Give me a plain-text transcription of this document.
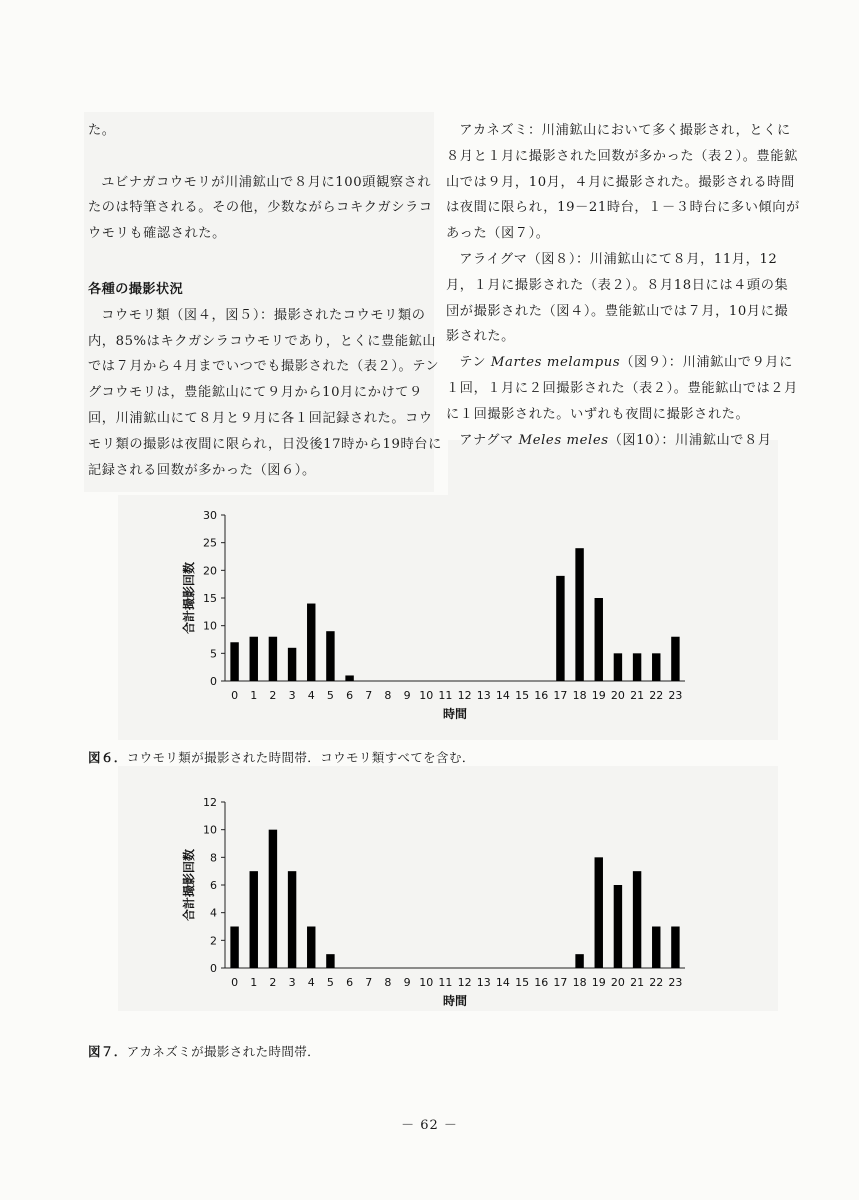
た。

ユビナガコウモリが川浦鉱山で８月に100頭観察されたのは特筆される。その他，少数ながらコキクガシラコウモリも確認された。

各種の撮影状況

コウモリ類（図４，図５）：撮影されたコウモリ類の内，85%はキクガシラコウモリであり，とくに豊能鉱山では７月から４月までいつでも撮影された（表２）。テングコウモリは，豊能鉱山にて９月から10月にかけて９回，川浦鉱山にて８月と９月に各１回記録された。コウモリ類の撮影は夜間に限られ，日没後17時から19時台に記録される回数が多かった（図６）。

アカネズミ：川浦鉱山において多く撮影され，とくに８月と１月に撮影された回数が多かった（表２）。豊能鉱山では９月，10月，４月に撮影された。撮影される時間は夜間に限られ，19－21時台，１－３時台に多い傾向があった（図７）。

アライグマ（図８）：川浦鉱山にて８月，11月，12月，１月に撮影された（表２）。８月18日には４頭の集団が撮影された（図４）。豊能鉱山では７月，10月に撮影された。

テン Martes melampus（図９）：川浦鉱山で９月に１回，１月に２回撮影された（表２）。豊能鉱山では２月に１回撮影された。いずれも夜間に撮影された。

アナグマ Meles meles（図10）：川浦鉱山で８月

0
5
10
15
20
25
30
0 1 2 3 4 5 6 7 8 9 10 11 12 13 14 15 16 17 18 19 20 21 22 23
時間
合計撮影回数
図６．コウモリ類が撮影された時間帯．コウモリ類すべてを含む．
0
2
4
6
8
10
12
0 1 2 3 4 5 6 7 8 9 10 11 12 13 14 15 16 17 18 19 20 21 22 23
時間
合計撮影回数
図７．アカネズミが撮影された時間帯．
－ 62 －
